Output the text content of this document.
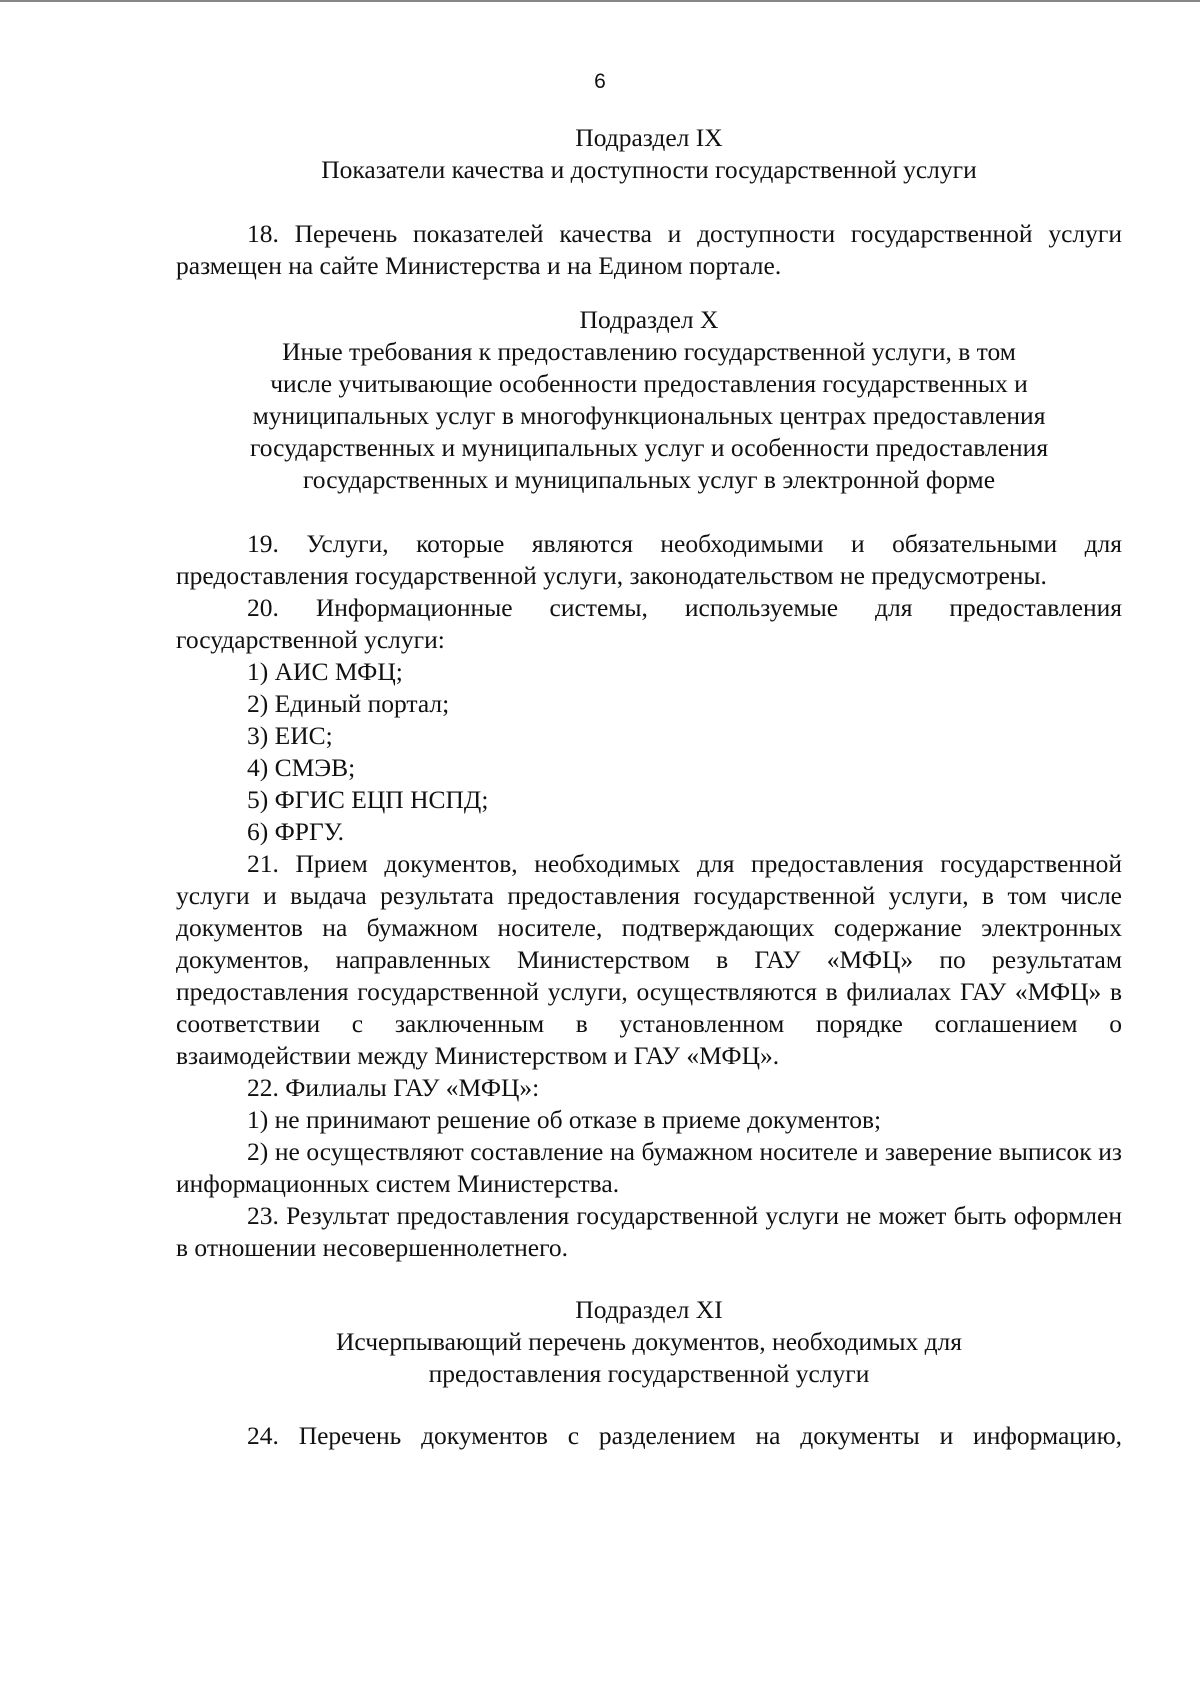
6
Подраздел IX
Показатели качества и доступности государственной услуги
18. Перечень показателей качества и доступности государственной услуги размещен на сайте Министерства и на Едином портале.
Подраздел X
Иные требования к предоставлению государственной услуги, в том
числе учитывающие особенности предоставления государственных и
муниципальных услуг в многофункциональных центрах предоставления
государственных и муниципальных услуг и особенности предоставления
государственных и муниципальных услуг в электронной форме
19. Услуги, которые являются необходимыми и обязательными для предоставления государственной услуги, законодательством не предусмотрены.
20. Информационные системы, используемые для предоставления государственной услуги:
1) АИС МФЦ;
2) Единый портал;
3) ЕИС;
4) СМЭВ;
5) ФГИС ЕЦП НСПД;
6) ФРГУ.
21. Прием документов, необходимых для предоставления государственной услуги и выдача результата предоставления государственной услуги, в том числе документов на бумажном носителе, подтверждающих содержание электронных документов, направленных Министерством в ГАУ «МФЦ» по результатам предоставления государственной услуги, осуществляются в филиалах ГАУ «МФЦ» в соответствии с заключенным в установленном порядке соглашением о взаимодействии между Министерством и ГАУ «МФЦ».
22. Филиалы ГАУ «МФЦ»:
1) не принимают решение об отказе в приеме документов;
2) не осуществляют составление на бумажном носителе и заверение выписок из информационных систем Министерства.
23. Результат предоставления государственной услуги не может быть оформлен в отношении несовершеннолетнего.
Подраздел XI
Исчерпывающий перечень документов, необходимых для
предоставления государственной услуги
24. Перечень документов с разделением на документы и информацию,
